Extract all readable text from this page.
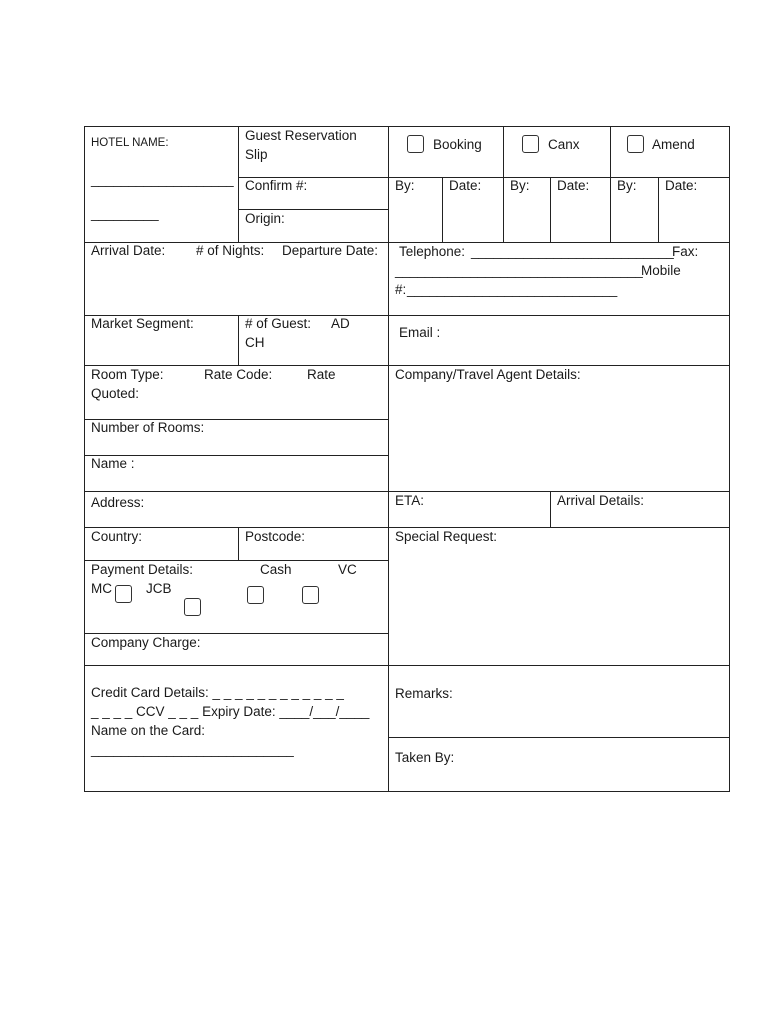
HOTEL NAME:
___________________
_________
Guest Reservation
Slip
Confirm #:
Origin:
Booking	Canx	Amend
By:	Date: By: Date: By: Date:
Arrival Date: # of Nights: Departure Date: Telephone: ___________________________
Fax:
_________________________________
Mobile
#: ____________________________
Market Segment:	# of Guest: AD
CH
Email :
Room Type:	Rate Code:	Rate
Quoted:
Company/Travel Agent Details:
Number of Rooms:
Name :
Address:	ETA:	Arrival Details:
Country:	Postcode:	Special Request:
Payment Details:	Cash	VC
MC	JCB
Company Charge:
Credit Card Details: _ _ _ _ _ _ _ _ _ _ _ _
_ _ _ _ CCV _ _ _ Expiry Date: ____/___/____
Name on the Card:
___________________________
Remarks:
Taken By:
